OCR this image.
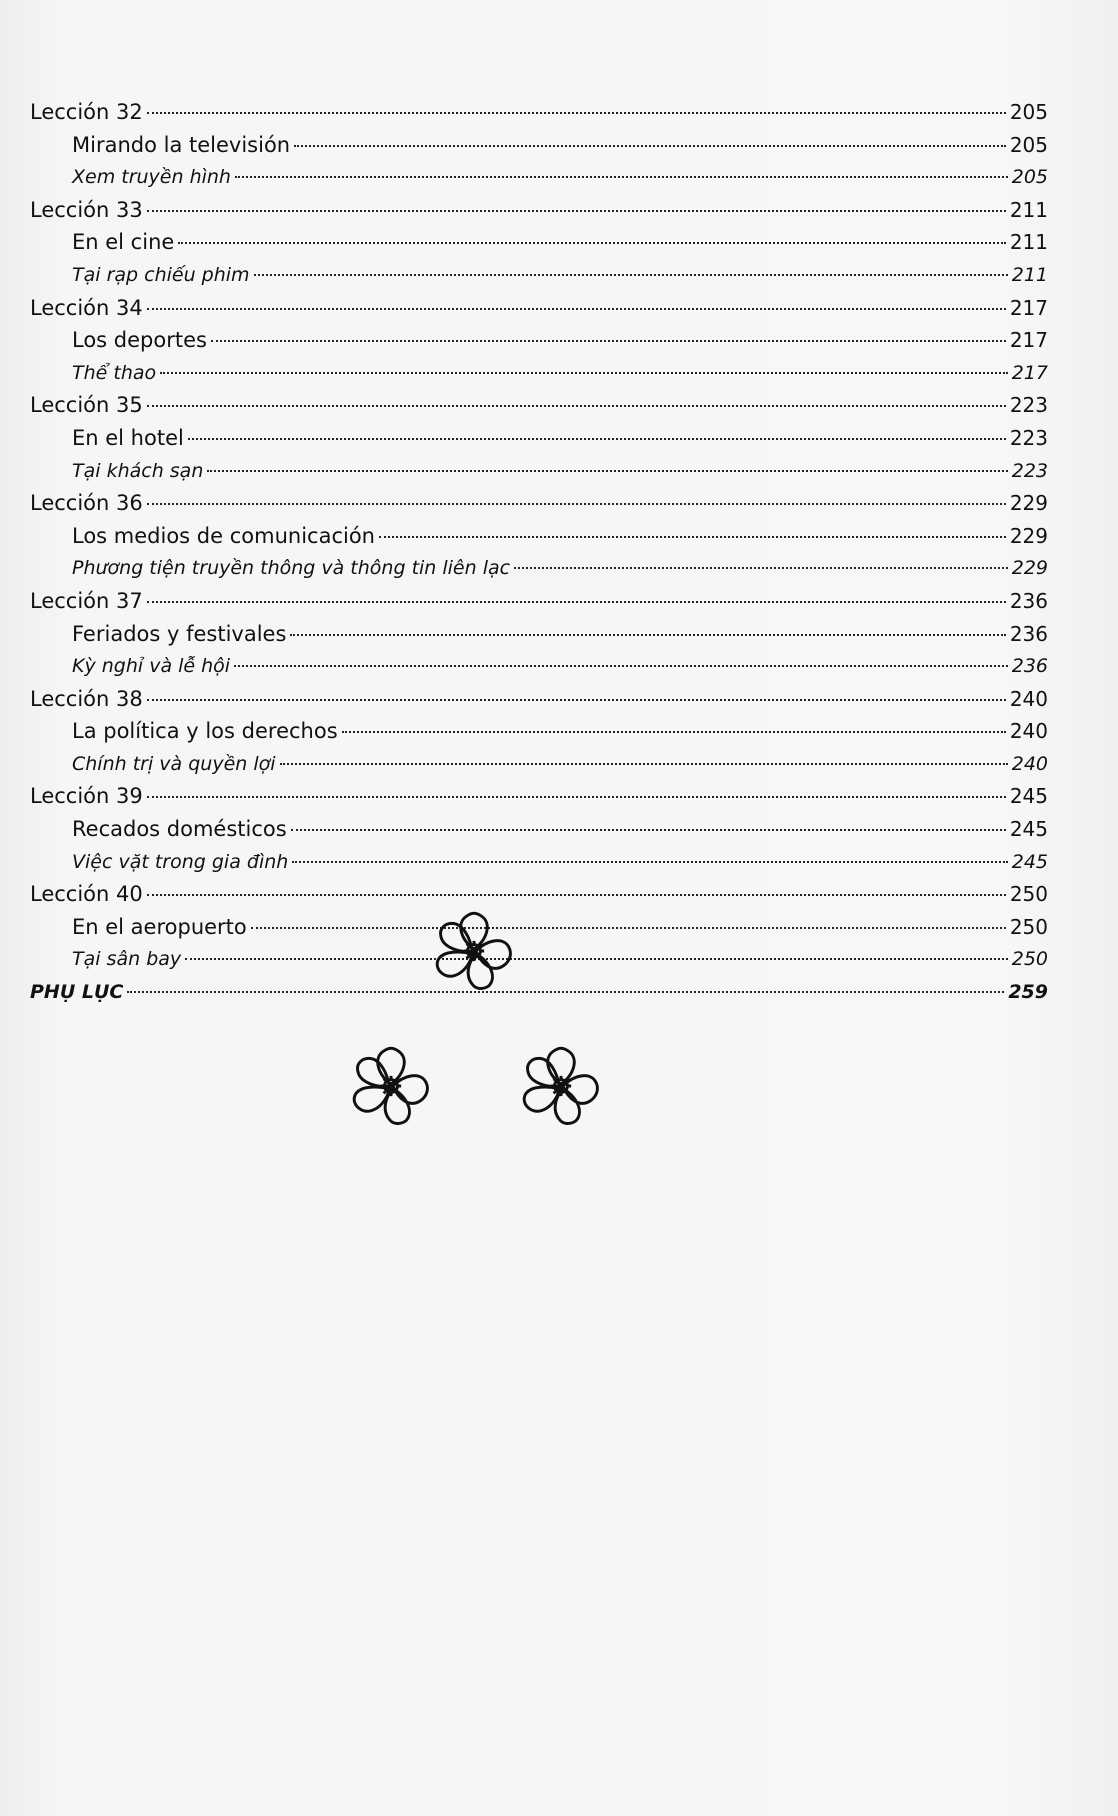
Lección 32	205
Mirando la televisión	205
Xem truyền hình	205
Lección 33	211
En el cine	211
Tại rạp chiếu phim	211
Lección 34	217
Los deportes	217
Thể thao	217
Lección 35	223
En el hotel	223
Tại khách sạn	223
Lección 36	229
Los medios de comunicación	229
Phương tiện truyền thông và thông tin liên lạc	229
Lección 37	236
Feriados y festivales	236
Kỳ nghỉ và lễ hội	236
Lección 38	240
La política y los derechos	240
Chính trị và quyền lợi	240
Lección 39	245
Recados domésticos	245
Việc vặt trong gia đình	245
Lección 40	250
En el aeropuerto	250
Tại sân bay	250
PHỤ LỤC	259
